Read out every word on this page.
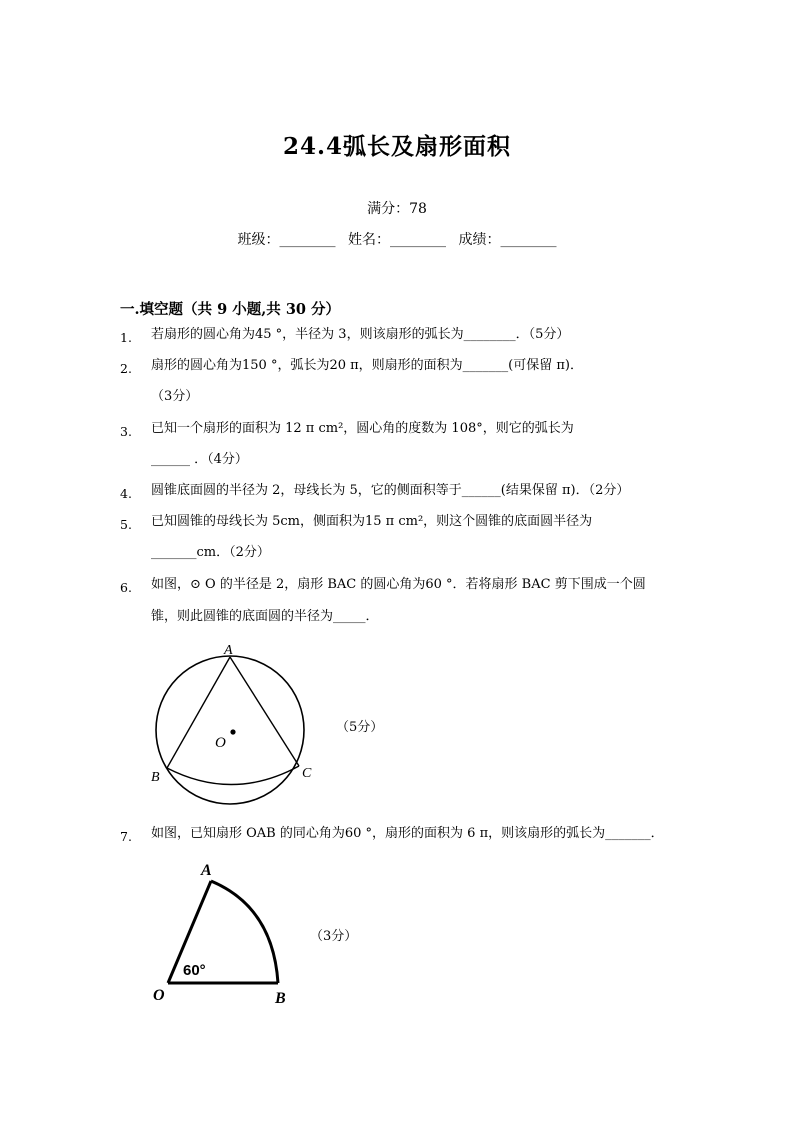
24.4弧长及扇形面积
满分：78
班级：________ 姓名：________ 成绩：________
一.填空题（共 9 小题,共 30 分）
1. 若扇形的圆心角为45 °，半径为 3，则该扇形的弧长为________．（5分）
2. 扇形的圆心角为150 °，弧长为20 π，则扇形的面积为_______(可保留 π)．
（3分）
3. 已知一个扇形的面积为 12 π cm²，圆心角的度数为 108°，则它的弧长为
______ ．（4分）
4. 圆锥底面圆的半径为 2，母线长为 5，它的侧面积等于______(结果保留 π)．（2分）
5. 已知圆锥的母线长为 5cm，侧面积为15 π cm²，则这个圆锥的底面圆半径为
_______cm．（2分）
6. 如图，⊙ O 的半径是 2，扇形 BAC 的圆心角为60 °．若将扇形 BAC 剪下围成一个圆
锥，则此圆锥的底面圆的半径为_____．
A
B	C
O
（5分）
7. 如图，已知扇形 OAB 的同心角为60 °，扇形的面积为 6 π，则该扇形的弧长为_______．
A
B
O
60°
（3分）
